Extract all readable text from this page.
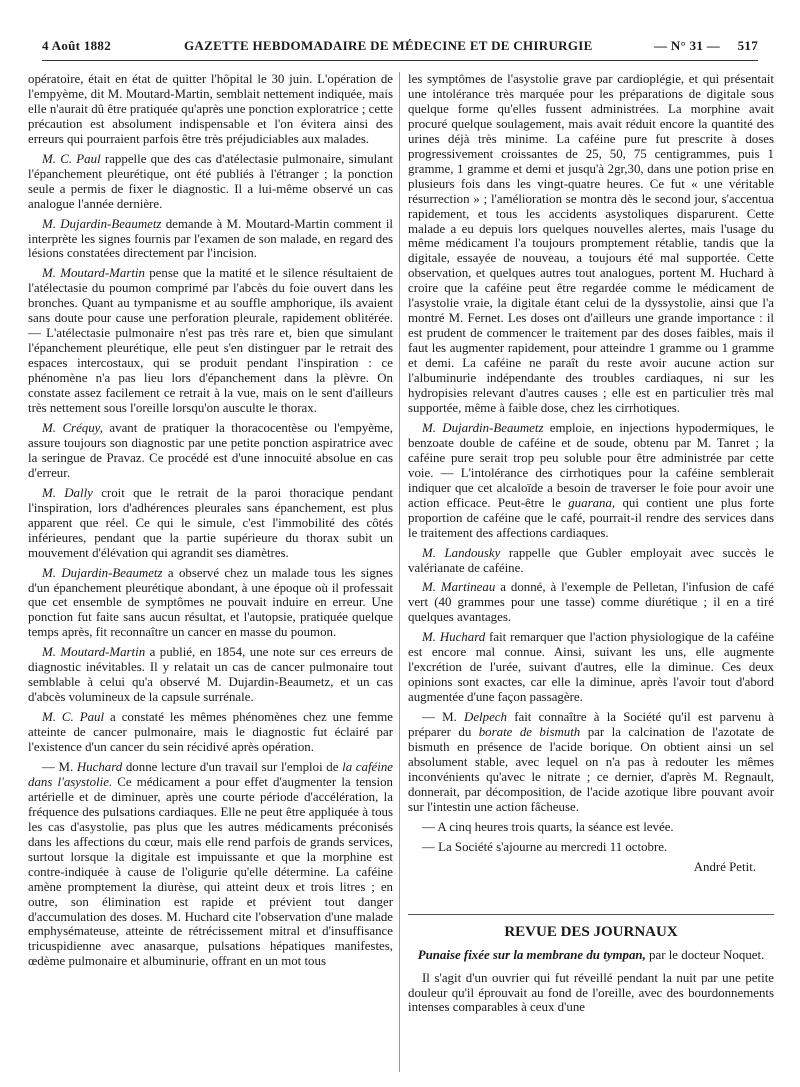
4 Août 1882	GAZETTE HEBDOMADAIRE DE MÉDECINE ET DE CHIRURGIE	— N° 31 — 517

opératoire, était en état de quitter l'hôpital le 30 juin. L'opération de l'empyème, dit M. Moutard-Martin, semblait nettement indiquée, mais elle n'aurait dû être pratiquée qu'après une ponction exploratrice ; cette précaution est absolument indispensable et l'on évitera ainsi des erreurs qui pourraient parfois être très préjudiciables aux malades.

M. C. Paul rappelle que des cas d'atélectasie pulmonaire, simulant l'épanchement pleurétique, ont été publiés à l'étranger ; la ponction seule a permis de fixer le diagnostic. Il a lui-même observé un cas analogue l'année dernière.

M. Dujardin-Beaumetz demande à M. Moutard-Martin comment il interprète les signes fournis par l'examen de son malade, en regard des lésions constatées directement par l'incision.

M. Moutard-Martin pense que la matité et le silence résultaient de l'atélectasie du poumon comprimé par l'abcès du foie ouvert dans les bronches. Quant au tympanisme et au souffle amphorique, ils avaient sans doute pour cause une perforation pleurale, rapidement oblitérée. — L'atélectasie pulmonaire n'est pas très rare et, bien que simulant l'épanchement pleurétique, elle peut s'en distinguer par le retrait des espaces intercostaux, qui se produit pendant l'inspiration : ce phénomène n'a pas lieu lors d'épanchement dans la plèvre. On constate assez facilement ce retrait à la vue, mais on le sent d'ailleurs très nettement sous l'oreille lorsqu'on ausculte le thorax.

M. Créquy, avant de pratiquer la thoracocentèse ou l'empyème, assure toujours son diagnostic par une petite ponction aspiratrice avec la seringue de Pravaz. Ce procédé est d'une innocuité absolue en cas d'erreur.

M. Dally croit que le retrait de la paroi thoracique pendant l'inspiration, lors d'adhérences pleurales sans épanchement, est plus apparent que réel. Ce qui le simule, c'est l'immobilité des côtés inférieures, pendant que la partie supérieure du thorax subit un mouvement d'élévation qui agrandit ses diamètres.

M. Dujardin-Beaumetz a observé chez un malade tous les signes d'un épanchement pleurétique abondant, à une époque où il professait que cet ensemble de symptômes ne pouvait induire en erreur. Une ponction fut faite sans aucun résultat, et l'autopsie, pratiquée quelque temps après, fit reconnaître un cancer en masse du poumon.

M. Moutard-Martin a publié, en 1854, une note sur ces erreurs de diagnostic inévitables. Il y relatait un cas de cancer pulmonaire tout semblable à celui qu'a observé M. Dujardin-Beaumetz, et un cas d'abcès volumineux de la capsule surrénale.

M. C. Paul a constaté les mêmes phénomènes chez une femme atteinte de cancer pulmonaire, mais le diagnostic fut éclairé par l'existence d'un cancer du sein récidivé après opération.

— M. Huchard donne lecture d'un travail sur l'emploi de la caféine dans l'asystolie. Ce médicament a pour effet d'augmenter la tension artérielle et de diminuer, après une courte période d'accélération, la fréquence des pulsations cardiaques. Elle ne peut être appliquée à tous les cas d'asystolie, pas plus que les autres médicaments préconisés dans les affections du cœur, mais elle rend parfois de grands services, surtout lorsque la digitale est impuissante et que la morphine est contre-indiquée à cause de l'oligurie qu'elle détermine. La caféine amène promptement la diurèse, qui atteint deux et trois litres ; en outre, son élimination est rapide et prévient tout danger d'accumulation des doses. M. Huchard cite l'observation d'une malade emphysémateuse, atteinte de rétrécissement mitral et d'insuffisance tricuspidienne avec anasarque, pulsations hépatiques manifestes, œdème pulmonaire et albuminurie, offrant en un mot tous

les symptômes de l'asystolie grave par cardioplégie, et qui présentait une intolérance très marquée pour les préparations de digitale sous quelque forme qu'elles fussent administrées. La morphine avait procuré quelque soulagement, mais avait réduit encore la quantité des urines déjà très minime. La caféine pure fut prescrite à doses progressivement croissantes de 25, 50, 75 centigrammes, puis 1 gramme, 1 gramme et demi et jusqu'à 2gr,30, dans une potion prise en plusieurs fois dans les vingt-quatre heures. Ce fut « une véritable résurrection » ; l'amélioration se montra dès le second jour, s'accentua rapidement, et tous les accidents asystoliques disparurent. Cette malade a eu depuis lors quelques nouvelles alertes, mais l'usage du même médicament l'a toujours promptement rétablie, tandis que la digitale, essayée de nouveau, a toujours été mal supportée. Cette observation, et quelques autres tout analogues, portent M. Huchard à croire que la caféine peut être regardée comme le médicament de l'asystolie vraie, la digitale étant celui de la dyssystolie, ainsi que l'a montré M. Fernet. Les doses ont d'ailleurs une grande importance : il est prudent de commencer le traitement par des doses faibles, mais il faut les augmenter rapidement, pour atteindre 1 gramme ou 1 gramme et demi. La caféine ne paraît du reste avoir aucune action sur l'albuminurie indépendante des troubles cardiaques, ni sur les hydropisies relevant d'autres causes ; elle est en particulier très mal supportée, même à faible dose, chez les cirrhotiques.

M. Dujardin-Beaumetz emploie, en injections hypodermiques, le benzoate double de caféine et de soude, obtenu par M. Tanret ; la caféine pure serait trop peu soluble pour être administrée par cette voie. — L'intolérance des cirrhotiques pour la caféine semblerait indiquer que cet alcaloïde a besoin de traverser le foie pour avoir une action efficace. Peut-être le guarana, qui contient une plus forte proportion de caféine que le café, pourrait-il rendre des services dans le traitement des affections cardiaques.

M. Landousky rappelle que Gubler employait avec succès le valérianate de caféine.

M. Martineau a donné, à l'exemple de Pelletan, l'infusion de café vert (40 grammes pour une tasse) comme diurétique ; il en a tiré quelques avantages.

M. Huchard fait remarquer que l'action physiologique de la caféine est encore mal connue. Ainsi, suivant les uns, elle augmente l'excrétion de l'urée, suivant d'autres, elle la diminue. Ces deux opinions sont exactes, car elle la diminue, après l'avoir tout d'abord augmentée d'une façon passagère.

— M. Delpech fait connaître à la Société qu'il est parvenu à préparer du borate de bismuth par la calcination de l'azotate de bismuth en présence de l'acide borique. On obtient ainsi un sel absolument stable, avec lequel on n'a pas à redouter les mêmes inconvénients qu'avec le nitrate ; ce dernier, d'après M. Regnault, donnerait, par décomposition, de l'acide azotique libre pouvant avoir sur l'intestin une action fâcheuse.

— A cinq heures trois quarts, la séance est levée.

— La Société s'ajourne au mercredi 11 octobre.

André Petit.

REVUE DES JOURNAUX
Punaise fixée sur la membrane du tympan, par le docteur Noquet.

Il s'agit d'un ouvrier qui fut réveillé pendant la nuit par une petite douleur qu'il éprouvait au fond de l'oreille, avec des bourdonnements intenses comparables à ceux d'une
